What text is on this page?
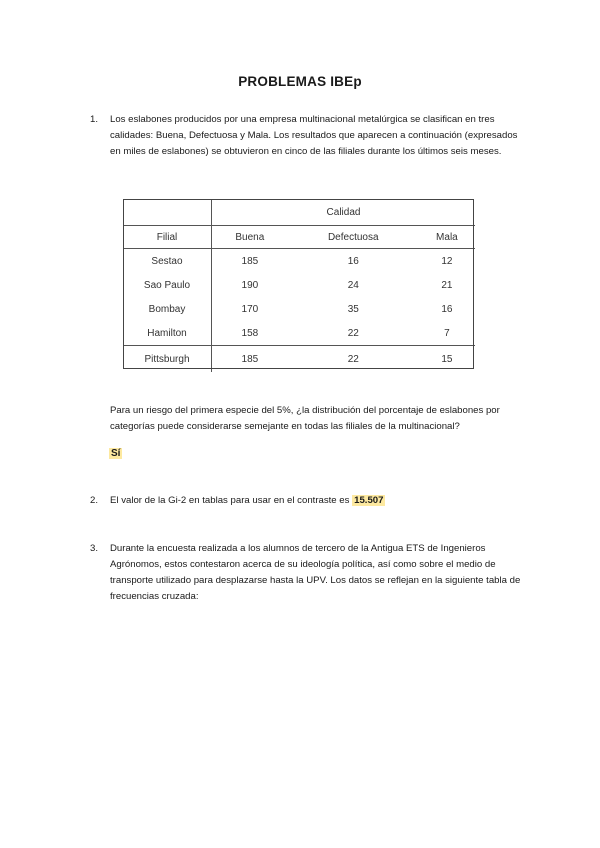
PROBLEMAS IBEp
1.	Los eslabones producidos por una empresa multinacional metalúrgica se clasifican en tres calidades: Buena, Defectuosa y Mala. Los resultados que aparecen a continuación (expresados en miles de eslabones) se obtuvieron en cinco de las filiales durante los últimos seis meses.
	Calidad		
Filial	Buena	Defectuosa	Mala
Sestao	185	16	12
Sao Paulo	190	24	21
Bombay	170	35	16
Hamilton	158	22	7
Pittsburgh	185	22	15
Para un riesgo del primera especie del 5%, ¿la distribución del porcentaje de eslabones por categorías puede considerarse semejante en todas las filiales de la multinacional?
Sí
2.	El valor de la Gi-2 en tablas para usar en el contraste es 15.507
3.	Durante la encuesta realizada a los alumnos de tercero de la Antigua ETS de Ingenieros Agrónomos, estos contestaron acerca de su ideología política, así como sobre el medio de transporte utilizado para desplazarse hasta la UPV. Los datos se reflejan en la siguiente tabla de frecuencias cruzada:
